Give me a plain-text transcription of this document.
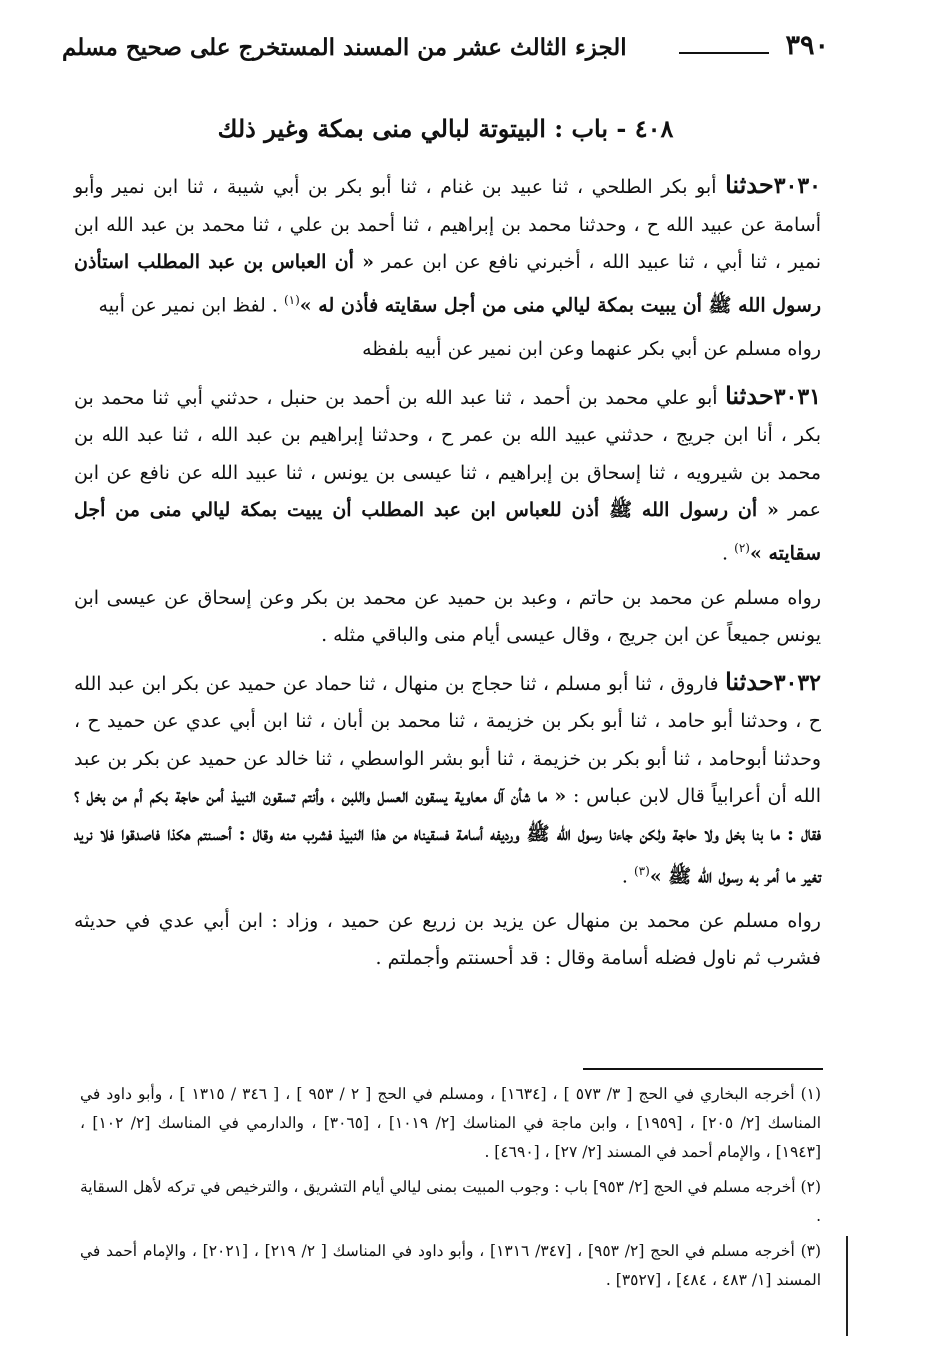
٣٩٠
الجزء الثالث عشر من المسند المستخرج على صحيح مسلم
٤٠٨ - باب : البيتوتة لبالي منى بمكة وغير ذلك

٣٠٣٠حدثنا أبو بكر الطلحي ، ثنا عبيد بن غنام ، ثنا أبو بكر بن أبي شيبة ، ثنا ابن نمير وأبو أسامة عن عبيد الله ح ، وحدثنا محمد بن إبراهيم ، ثنا أحمد بن علي ، ثنا محمد بن عبد الله ابن نمير ، ثنا أبي ، ثنا عبيد الله ، أخبرني نافع عن ابن عمر « أن العباس بن عبد المطلب استأذن رسول الله ﷺ أن يبيت بمكة ليالي منى من أجل سقايته فأذن له »$^{(١)}$ . لفظ ابن نمير عن أبيه

رواه مسلم عن أبي بكر عنهما وعن ابن نمير عن أبيه بلفظه

٣٠٣١حدثنا أبو علي محمد بن أحمد ، ثنا عبد الله بن أحمد بن حنبل ، حدثني أبي ثنا محمد بن بكر ، أنا ابن جريج ، حدثني عبيد الله بن عمر ح ، وحدثنا إبراهيم بن عبد الله ، ثنا عبد الله بن محمد بن شيرويه ، ثنا إسحاق بن إبراهيم ، ثنا عيسى بن يونس ، ثنا عبيد الله عن نافع عن ابن عمر « أن رسول الله ﷺ أذن للعباس ابن عبد المطلب أن يبيت بمكة ليالي منى من أجل سقايته »$^{(٢)}$ .

رواه مسلم عن محمد بن حاتم ، وعبد بن حميد عن محمد بن بكر وعن إسحاق عن عيسى ابن يونس جميعاً عن ابن جريج ، وقال عيسى أيام منى والباقي مثله .

٣٠٣٢حدثنا فاروق ، ثنا أبو مسلم ، ثنا حجاج بن منهال ، ثنا حماد عن حميد عن بكر ابن عبد الله ح ، وحدثنا أبو حامد ، ثنا أبو بكر بن خزيمة ، ثنا محمد بن أبان ، ثنا ابن أبي عدي عن حميد ح ، وحدثنا أبوحامد ، ثنا أبو بكر بن خزيمة ، ثنا أبو بشر الواسطي ، ثنا خالد عن حميد عن بكر بن عبد الله أن أعرابياً قال لابن عباس : « ما شأن آل معاوية يسقون العسل واللبن ، وأنتم تسقون النبيذ أمن حاجة بكم أم من بخل ؟ فقال : ما بنا بخل ولا حاجة ولكن جاءنا رسول الله ﷺ ورديفه أسامة فسقيناه من هذا النبيذ فشرب منه وقال : أحسنتم هكذا فاصدقوا فلا نريد تغير ما أمر به رسول الله ﷺ »$^{(٣)}$ .

رواه مسلم عن محمد بن منهال عن يزيد بن زريع عن حميد ، وزاد : ابن أبي عدي في حديثه فشرب ثم ناول فضله أسامة وقال : قد أحسنتم وأجملتم .

(١) أخرجه البخاري في الحج [ ٣/ ٥٧٣ ] ، [١٦٣٤] ، ومسلم في الحج [ ٢ / ٩٥٣ ] ، [ ٣٤٦ / ١٣١٥ ] ، وأبو داود في المناسك [٢/ ٢٠٥] ، [١٩٥٩] ، وابن ماجة في المناسك [٢/ ١٠١٩] ، [٣٠٦٥] ، والدارمي في المناسك [٢/ ١٠٢] ، [١٩٤٣] ، والإمام أحمد في المسند [٢/ ٢٧] ، [٤٦٩٠] .

(٢) أخرجه مسلم في الحج [٢/ ٩٥٣] باب : وجوب المبيت بمنى ليالي أيام التشريق ، والترخيص في تركه لأهل السقاية .

(٣) أخرجه مسلم في الحج [٢/ ٩٥٣] ، [٣٤٧/ ١٣١٦] ، وأبو داود في المناسك [ ٢/ ٢١٩] ، [٢٠٢١] ، والإمام أحمد في المسند [١/ ٤٨٣ ، ٤٨٤] ، [٣٥٢٧] .
